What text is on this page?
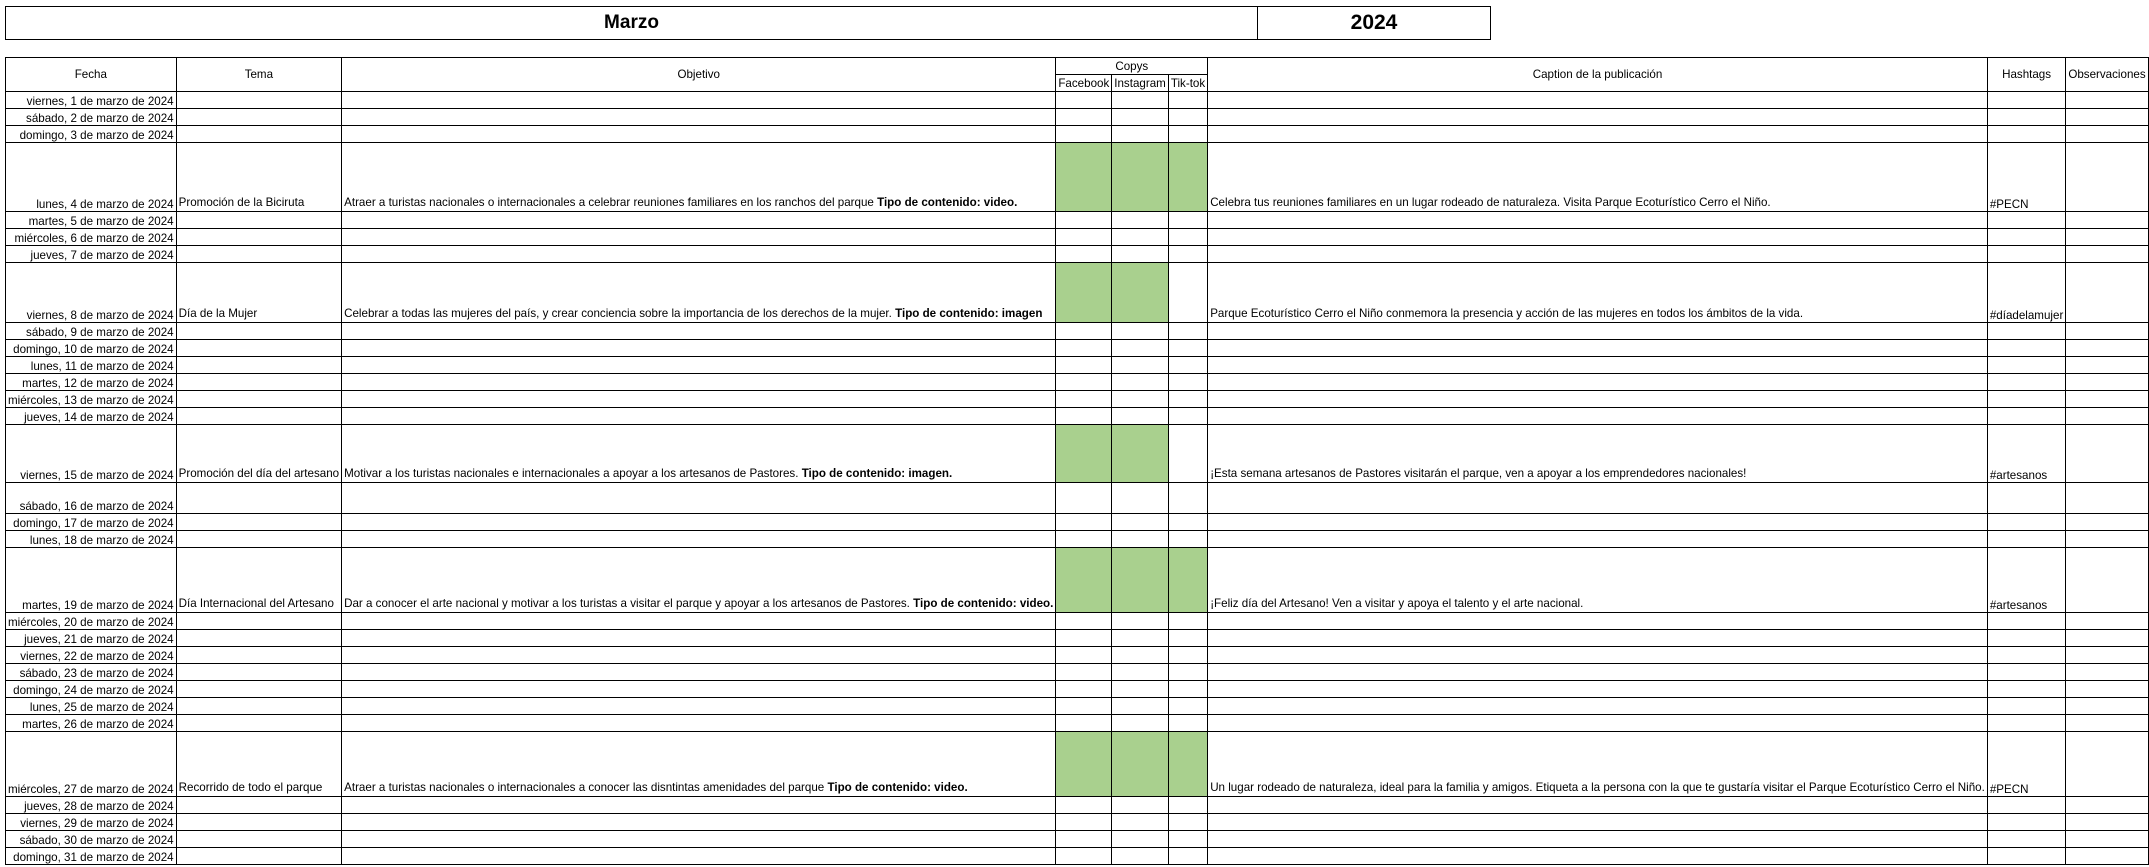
Marzo	2024
Fecha	Tema	Objetivo	Copys			Caption de la publicación	Hashtags	Observaciones
			Facebook	Instagram	Tik-tok			
viernes, 1 de marzo de 2024								
sábado, 2 de marzo de 2024								
domingo, 3 de marzo de 2024								
lunes, 4 de marzo de 2024	Promoción de la Biciruta	Atraer a turistas nacionales o internacionales a celebrar reuniones familiares en los ranchos del parque Tipo de contenido: video.				Celebra tus reuniones familiares en un lugar rodeado de naturaleza. Visita Parque Ecoturístico Cerro el Niño.	#PECN	
martes, 5 de marzo de 2024								
miércoles, 6 de marzo de 2024								
jueves, 7 de marzo de 2024								
viernes, 8 de marzo de 2024	Día de la Mujer	Celebrar a todas las mujeres del país, y crear conciencia sobre la importancia de los derechos de la mujer. Tipo de contenido: imagen				Parque Ecoturístico Cerro el Niño conmemora la presencia y acción de las mujeres en todos los ámbitos de la vida.	#díadelamujer	
sábado, 9 de marzo de 2024								
domingo, 10 de marzo de 2024								
lunes, 11 de marzo de 2024								
martes, 12 de marzo de 2024								
miércoles, 13 de marzo de 2024								
jueves, 14 de marzo de 2024								
viernes, 15 de marzo de 2024	Promoción del día del artesano	Motivar a los turistas nacionales e internacionales a apoyar a los artesanos de Pastores. Tipo de contenido: imagen.				¡Esta semana artesanos de Pastores visitarán el parque, ven a apoyar a los emprendedores nacionales!	#artesanos	
sábado, 16 de marzo de 2024								
domingo, 17 de marzo de 2024								
lunes, 18 de marzo de 2024								
martes, 19 de marzo de 2024	Día Internacional del Artesano	Dar a conocer el arte nacional y motivar a los turistas a visitar el parque y apoyar a los artesanos de Pastores. Tipo de contenido: video.				¡Feliz día del Artesano! Ven a visitar y apoya el talento y el arte nacional.	#artesanos	
miércoles, 20 de marzo de 2024								
jueves, 21 de marzo de 2024								
viernes, 22 de marzo de 2024								
sábado, 23 de marzo de 2024								
domingo, 24 de marzo de 2024								
lunes, 25 de marzo de 2024								
martes, 26 de marzo de 2024								
miércoles, 27 de marzo de 2024	Recorrido de todo el parque	Atraer a turistas nacionales o internacionales a conocer las disntintas amenidades del parque Tipo de contenido: video.				Un lugar rodeado de naturaleza, ideal para la familia y amigos. Etiqueta a la persona con la que te gustaría visitar el Parque Ecoturístico Cerro el Niño.	#PECN	
jueves, 28 de marzo de 2024								
viernes, 29 de marzo de 2024								
sábado, 30 de marzo de 2024								
domingo, 31 de marzo de 2024								
